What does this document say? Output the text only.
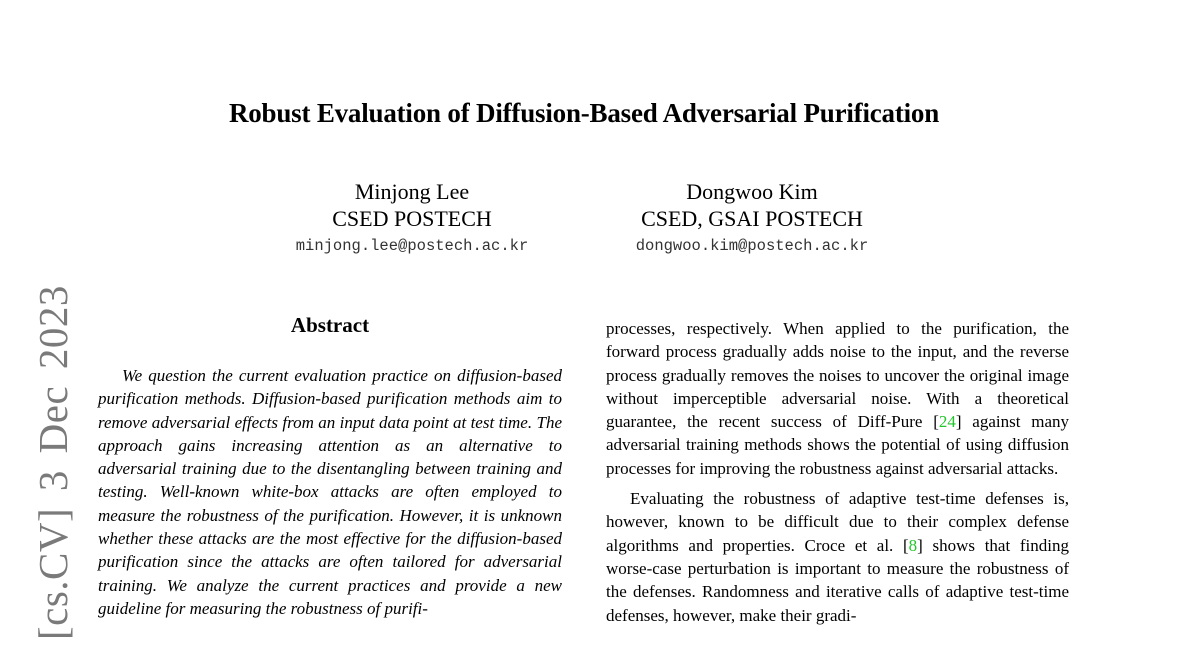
Robust Evaluation of Diffusion-Based Adversarial Purification
Minjong Lee
CSED POSTECH
minjong.lee@postech.ac.kr
Dongwoo Kim
CSED, GSAI POSTECH
dongwoo.kim@postech.ac.kr
[cs.CV] 3 Dec 2023	Abstract

We question the current evaluation practice on diffusion-based purification methods. Diffusion-based purification methods aim to remove adversarial effects from an input data point at test time. The approach gains increasing attention as an alternative to adversarial training due to the disentangling between training and testing. Well-known white-box attacks are often employed to measure the robustness of the purification. However, it is unknown whether these attacks are the most effective for the diffusion-based purification since the attacks are often tailored for adversarial training. We analyze the current practices and provide a new guideline for measuring the robustness of purifi-

processes, respectively. When applied to the purification, the forward process gradually adds noise to the input, and the reverse process gradually removes the noises to uncover the original image without imperceptible adversarial noise. With a theoretical guarantee, the recent success of Diff-Pure [24] against many adversarial training methods shows the potential of using diffusion processes for improving the robustness against adversarial attacks.

Evaluating the robustness of adaptive test-time defenses is, however, known to be difficult due to their complex defense algorithms and properties. Croce et al. [8] shows that finding worse-case perturbation is important to measure the robustness of the defenses. Randomness and iterative calls of adaptive test-time defenses, however, make their gradi-
